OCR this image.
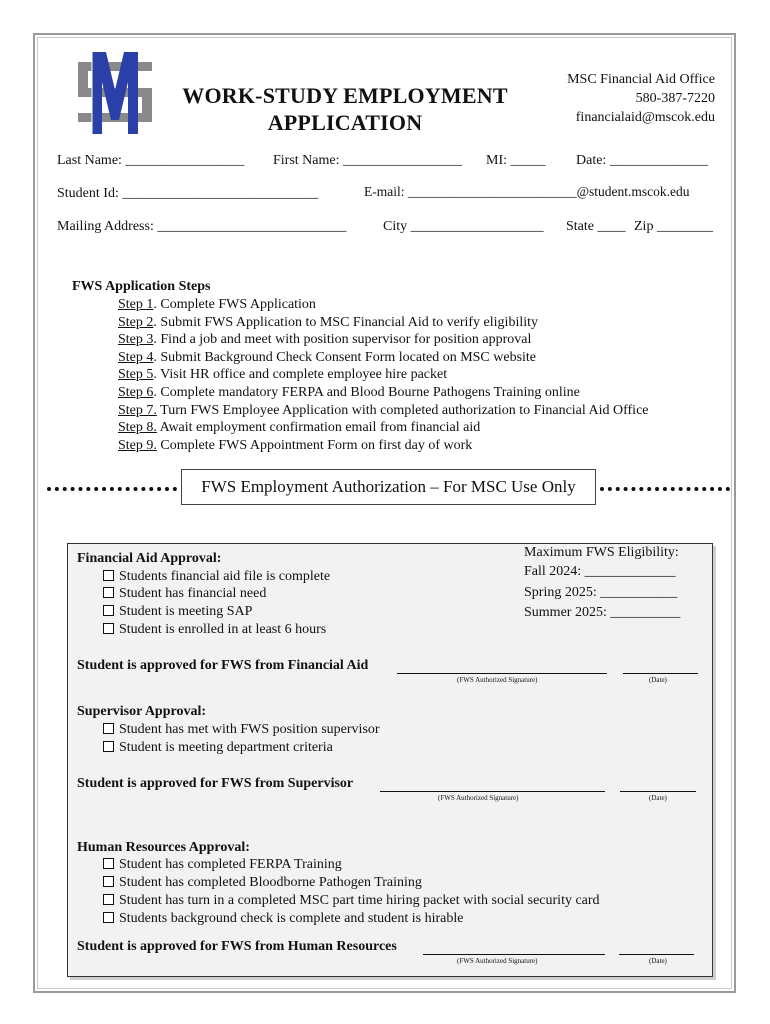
WORK-STUDY EMPLOYMENT
APPLICATION
MSC Financial Aid Office
580-387-7220
financialaid@mscok.edu
Last Name: _________________ First Name: _________________ MI: _____ Date: ______________
Student Id: ____________________________	E-mail: _________________________@student.mscok.edu
Mailing Address: ___________________________	City ___________________ State ____ Zip ________
FWS Application Steps
Step 1. Complete FWS Application
Step 2. Submit FWS Application to MSC Financial Aid to verify eligibility
Step 3. Find a job and meet with position supervisor for position approval
Step 4. Submit Background Check Consent Form located on MSC website
Step 5. Visit HR office and complete employee hire packet
Step 6. Complete mandatory FERPA and Blood Bourne Pathogens Training online
Step 7. Turn FWS Employee Application with completed authorization to Financial Aid Office
Step 8. Await employment confirmation email from financial aid
Step 9. Complete FWS Appointment Form on first day of work
FWS Employment Authorization – For MSC Use Only
Maximum FWS Eligibility:
Fall 2024: _____________
Spring 2025: ___________
Summer 2025: __________
Financial Aid Approval:
Students financial aid file is complete
Student has financial need
Student is meeting SAP
Student is enrolled in at least 6 hours
Student is approved for FWS from Financial Aid
(FWS Authorized Signature)	(Date)
Supervisor Approval:
Student has met with FWS position supervisor
Student is meeting department criteria
Student is approved for FWS from Supervisor
(FWS Authorized Signature)	(Date)
Human Resources Approval:
Student has completed FERPA Training
Student has completed Bloodborne Pathogen Training
Student has turn in a completed MSC part time hiring packet with social security card
Students background check is complete and student is hirable
Student is approved for FWS from Human Resources
(FWS Authorized Signature)	(Date)
